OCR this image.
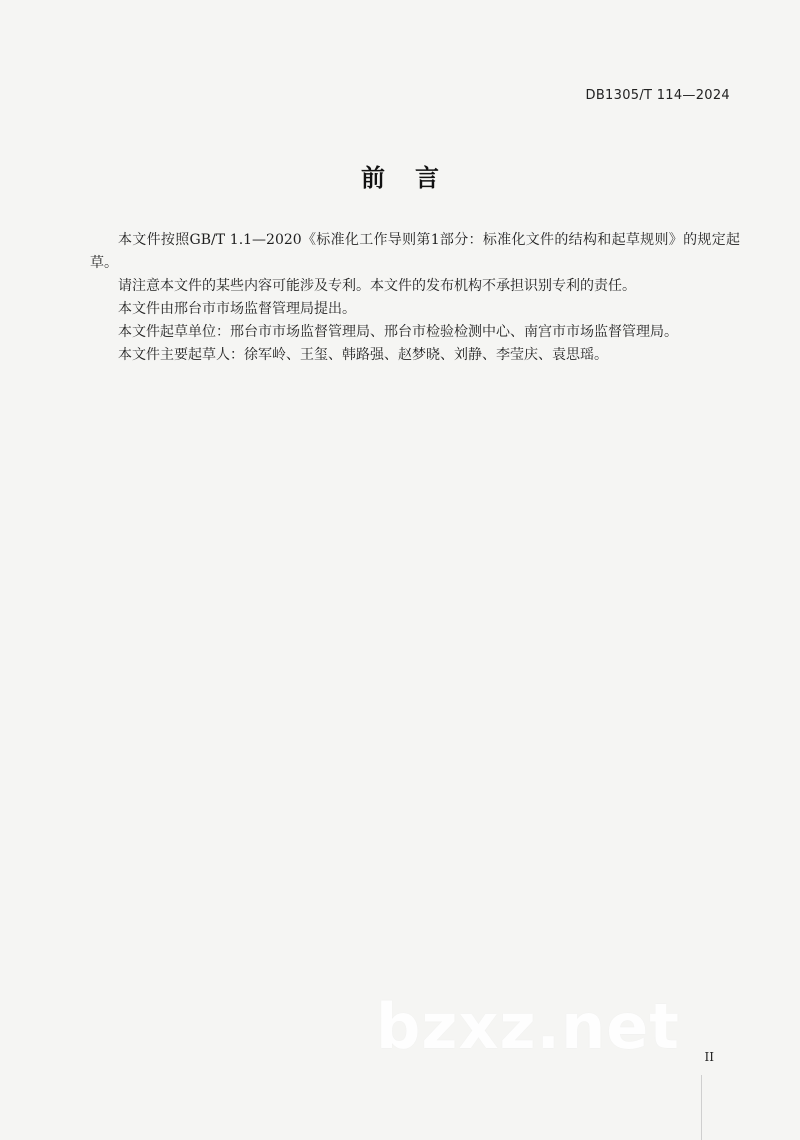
DB1305/T 114—2024
前言

本文件按照GB/T 1.1—2020《标准化工作导则第1部分：标准化文件的结构和起草规则》的规定起草。

请注意本文件的某些内容可能涉及专利。本文件的发布机构不承担识别专利的责任。

本文件由邢台市市场监督管理局提出。

本文件起草单位：邢台市市场监督管理局、邢台市检验检测中心、南宫市市场监督管理局。

本文件主要起草人：徐军岭、王玺、韩路强、赵梦晓、刘静、李莹庆、袁思瑶。

bzxz.net II
